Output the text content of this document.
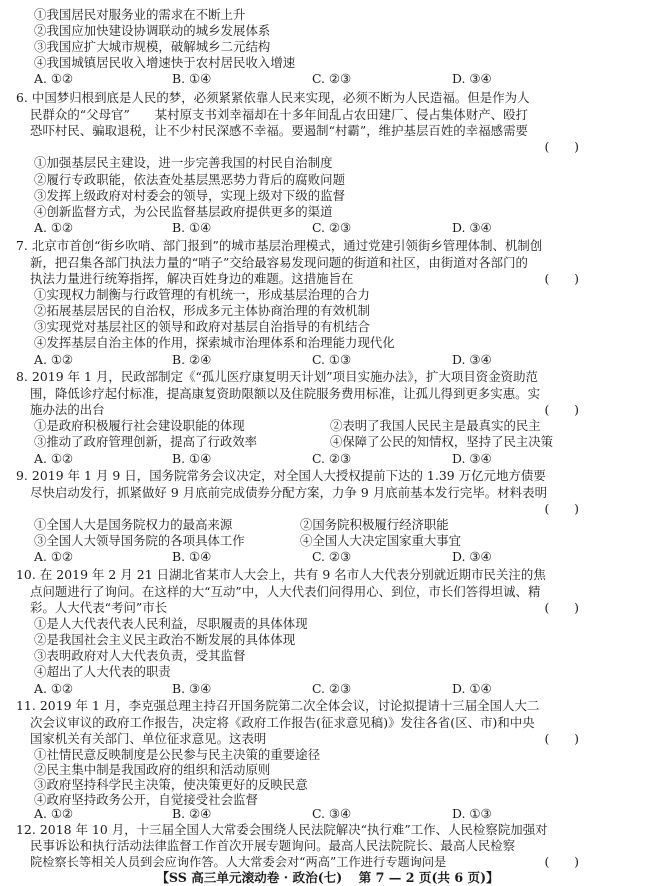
①我国居民对服务业的需求在不断上升
②我国应加快建设协调联动的城乡发展体系
③我国应扩大城市规模，破解城乡二元结构
④我国城镇居民收入增速快于农村居民收入增速
A. ①②	B. ①④	C. ②③	D. ③④
6. 中国梦归根到底是人民的梦，必须紧紧依靠人民来实现，必须不断为人民造福。但是作为人
民群众的“父母官”　　某村原支书刘幸福却在十多年间乱占农田建厂、侵占集体财产、殴打
恐吓村民、骗取退税，让不少村民深感不幸福。要遏制“村霸”，维护基层百姓的幸福感需要
(　　)
①加强基层民主建设，进一步完善我国的村民自治制度
②履行专政职能，依法查处基层黑恶势力背后的腐败问题
③发挥上级政府对村委会的领导，实现上级对下级的监督
④创新监督方式，为公民监督基层政府提供更多的渠道
A. ①②	B. ①④	C. ②③	D. ③④
7. 北京市首创“街乡吹哨、部门报到”的城市基层治理模式，通过党建引领街乡管理体制、机制创
新，把召集各部门执法力量的“哨子”交给最容易发现问题的街道和社区，由街道对各部门的
执法力量进行统筹指挥，解决百姓身边的难题。这措施旨在	(　　)
①实现权力制衡与行政管理的有机统一，形成基层治理的合力
②拓展基层居民的自治权，形成多元主体协商治理的有效机制
③实现党对基层社区的领导和政府对基层自治指导的有机结合
④发挥基层自治主体的作用，探索城市治理体系和治理能力现代化
A. ①②	B. ②④	C. ①③	D. ③④
8. 2019 年 1 月，民政部制定《“孤儿医疗康复明天计划”项目实施办法》，扩大项目资金资助范
围，降低诊疗起付标准，提高康复资助限额以及住院服务费用标准，让孤儿得到更多实惠。实
施办法的出台	(　　)
①是政府积极履行社会建设职能的体现	②表明了我国人民民主是最真实的民主
③推动了政府管理创新，提高了行政效率	④保障了公民的知情权，坚持了民主决策
A. ①②	B. ①④	C. ②③	D. ③④
9. 2019 年 1 月 9 日，国务院常务会议决定，对全国人大授权提前下达的 1.39 万亿元地方债要
尽快启动发行，抓紧做好 9 月底前完成债券分配方案，力争 9 月底前基本发行完毕。材料表明
(　　)
①全国人大是国务院权力的最高来源	②国务院积极履行经济职能
③全国人大领导国务院的各项具体工作	④全国人大决定国家重大事宜
A. ①②	B. ①④	C. ②③	D. ③④
10. 在 2019 年 2 月 21 日湖北省某市人大会上，共有 9 名市人大代表分别就近期市民关注的焦
点问题进行了询问。在这样的大“互动”中，人大代表们问得用心、到位，市长们答得坦诚、精
彩。人大代表“考问”市长	(　　)
①是人大代表代表人民利益，尽职履责的具体体现
②是我国社会主义民主政治不断发展的具体体现
③表明政府对人大代表负责，受其监督
④超出了人大代表的职责
A. ①②	B. ③④	C. ②③	D. ①④
11. 2019 年 1 月，李克强总理主持召开国务院第二次全体会议，讨论拟提请十三届全国人大二
次会议审议的政府工作报告，决定将《政府工作报告(征求意见稿)》发往各省(区、市)和中央
国家机关有关部门、单位征求意见。这表明	(　　)
①社情民意反映制度是公民参与民主决策的重要途径
②民主集中制是我国政府的组织和活动原则
③政府坚持科学民主决策，使决策更好的反映民意
④政府坚持政务公开，自觉接受社会监督
A. ①②	B. ②④	C. ③④	D. ①③
【SS 高三单元滚动卷 · 政治(七) 第 7 — 2 页(共 6 页)】
12. 2018 年 10 月，十三届全国人大常委会围绕人民法院解决“执行难”工作、人民检察院加强对
民事诉讼和执行活动法律监督工作首次开展专题询问。最高人民法院院长、最高人民检察
院检察长等相关人员到会应询作答。人大常委会对“两高”工作进行专题询问是	(　　)
